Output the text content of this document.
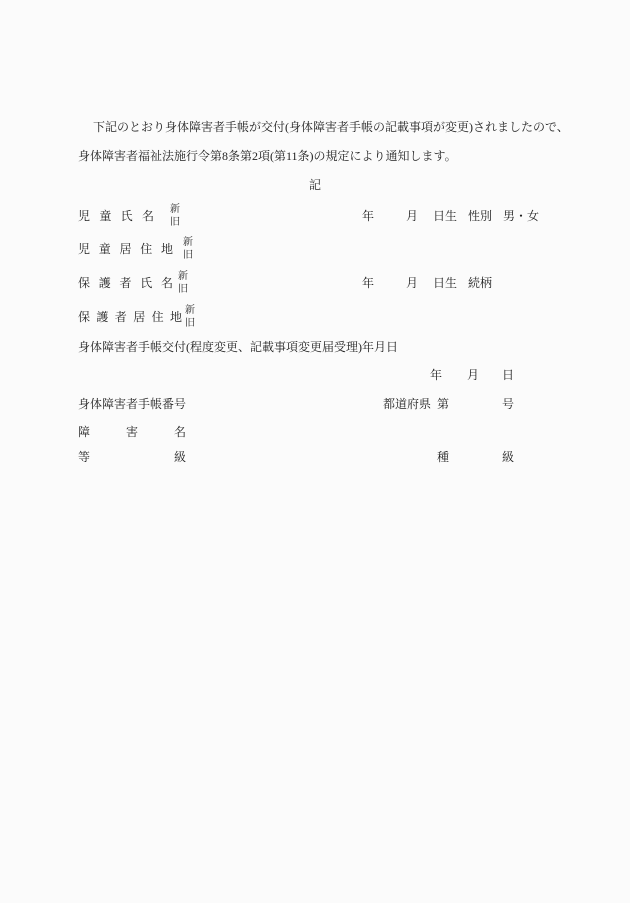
下記のとおり身体障害者手帳が交付(身体障害者手帳の記載事項が変更)されましたので、
身体障害者福祉法施行令第8条第2項(第11条)の規定により通知します。
記
児 童 氏 名 新
旧	年	月 日生 性別 男・女
児 童 居 住 地 新
旧
保 護 者 氏 名 新
旧	年	月 日生 続柄
保 護 者 居 住 地 新
旧
身体障害者手帳交付(程度変更、記載事項変更届受理)年月日
年 月 日
身体障害者手帳番号	都道府県 第	号
障 害 名
等 級	種	級
